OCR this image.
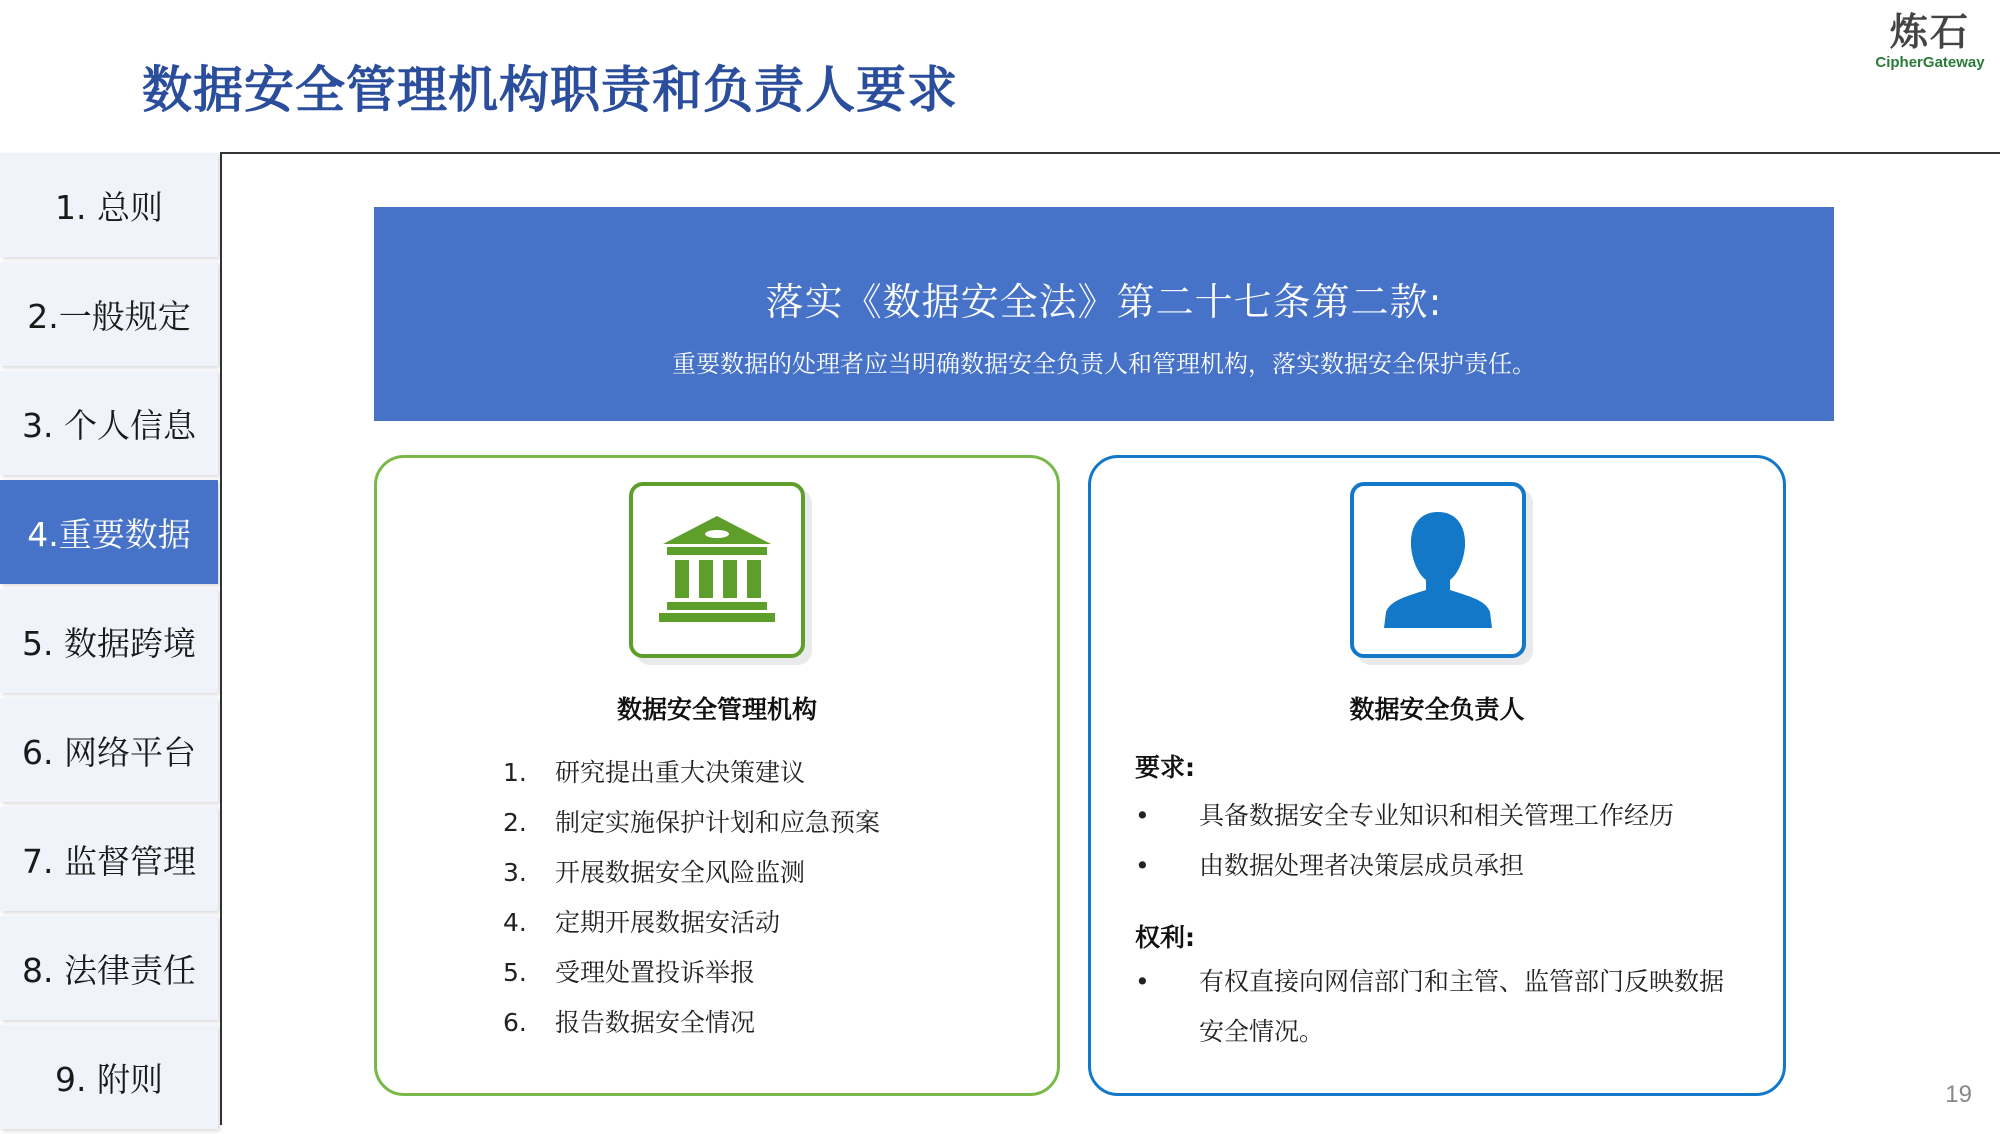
数据安全管理机构职责和负责人要求
炼石
CipherGateway
1. 总则
2.一般规定
3. 个人信息
4.重要数据
5. 数据跨境
6. 网络平台
7. 监督管理
8. 法律责任
9. 附则
落实《数据安全法》第二十七条第二款:
重要数据的处理者应当明确数据安全负责人和管理机构，落实数据安全保护责任。
数据安全管理机构
1. 研究提出重大决策建议
2. 制定实施保护计划和应急预案
3. 开展数据安全风险监测
4. 定期开展数据安活动
5. 受理处置投诉举报
6. 报告数据安全情况
数据安全负责人
要求:
•	具备数据安全专业知识和相关管理工作经历
•	由数据处理者决策层成员承担
权利:
•	有权直接向网信部门和主管、监管部门反映数据安全情况。
19
